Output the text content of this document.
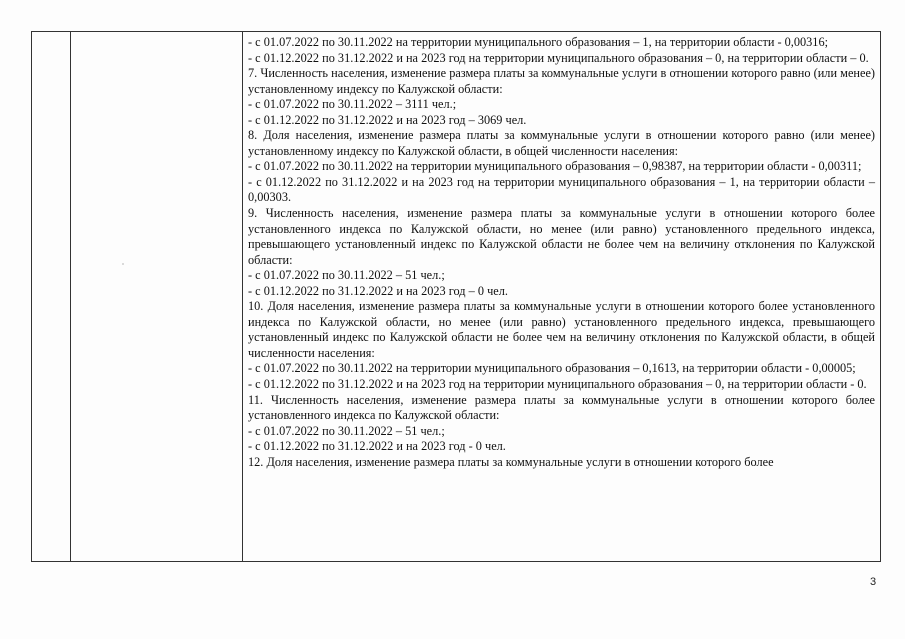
- с 01.07.2022 по 30.11.2022 на территории муниципального образования – 1, на территории области - 0,00316;

- с 01.12.2022 по 31.12.2022 и на 2023 год на территории муниципального образования – 0, на территории области – 0.

7. Численность населения, изменение размера платы за коммунальные услуги в отношении которого равно (или менее) установленному индексу по Калужской области:

- с 01.07.2022 по 30.11.2022 – 3111 чел.;

- с 01.12.2022 по 31.12.2022 и на 2023 год – 3069 чел.

8. Доля населения, изменение размера платы за коммунальные услуги в отношении которого равно (или менее) установленному индексу по Калужской области, в общей численности населения:

- с 01.07.2022 по 30.11.2022 на территории муниципального образования – 0,98387, на территории области - 0,00311;

- с 01.12.2022 по 31.12.2022 и на 2023 год на территории муниципального образования – 1, на территории области – 0,00303.

9. Численность населения, изменение размера платы за коммунальные услуги в отношении которого более установленного индекса по Калужской области, но менее (или равно) установленного предельного индекса, превышающего установленный индекс по Калужской области не более чем на величину отклонения по Калужской области:

- с 01.07.2022 по 30.11.2022 – 51 чел.;

- с 01.12.2022 по 31.12.2022 и на 2023 год – 0 чел.

10. Доля населения, изменение размера платы за коммунальные услуги в отношении которого более установленного индекса по Калужской области, но менее (или равно) установленного предельного индекса, превышающего установленный индекс по Калужской области не более чем на величину отклонения по Калужской области, в общей численности населения:

- с 01.07.2022 по 30.11.2022 на территории муниципального образования – 0,1613, на территории области - 0,00005;

- с 01.12.2022 по 31.12.2022 и на 2023 год на территории муниципального образования – 0, на территории области - 0.

11. Численность населения, изменение размера платы за коммунальные услуги в отношении которого более установленного индекса по Калужской области:

- с 01.07.2022 по 30.11.2022 – 51 чел.;

- с 01.12.2022 по 31.12.2022 и на 2023 год - 0 чел.

12. Доля населения, изменение размера платы за коммунальные услуги в отношении которого более

3
